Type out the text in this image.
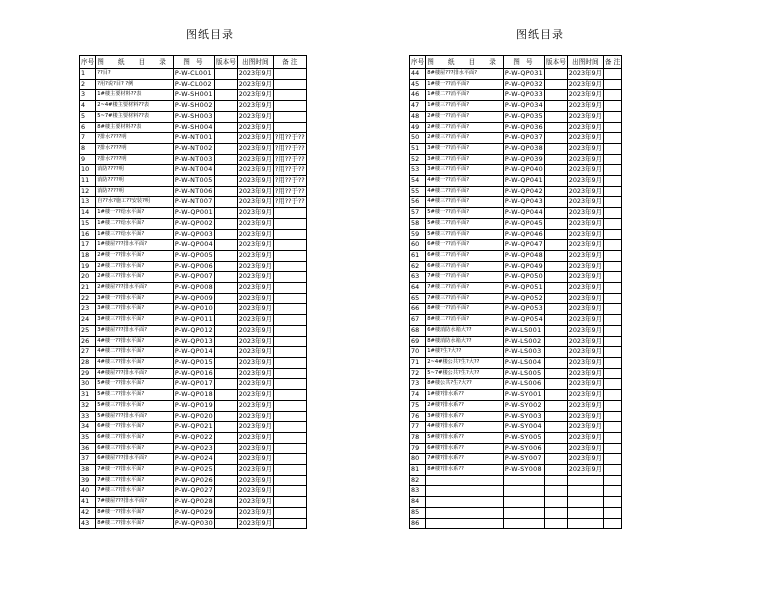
图纸目录
序号	图 纸 目 录	图 号	版本号	出图时间	备 注
1	??目?	P-W-CL001		2023年9月	
2	?用?说?目? ?例	P-W-CL002		2023年9月	
3	1#楼主要材料??表	P-W-SH001		2023年9月	
4	2~4#楼主要材料??表	P-W-SH002		2023年9月	
5	5~7#楼主要材料??表	P-W-SH003		2023年9月	
6	8#楼主要材料??表	P-W-SH004		2023年9月	
7	?排水????明	P-W-NT001		2023年9月	?用??于??
8	?排水????明	P-W-NT002		2023年9月	?用??于??
9	?排水????明	P-W-NT003		2023年9月	?用??于??
10	消防????明	P-W-NT004		2023年9月	?用??于??
11	消防????明	P-W-NT005		2023年9月	?用??于??
12	消防????明	P-W-NT006		2023年9月	?用??于??
13	自??水?施工??安装?明	P-W-NT007		2023年9月	?用??于??
14	1#楼一??给水平面?	P-W-QP001		2023年9月	
15	1#楼二??给水平面?	P-W-QP002		2023年9月	
16	1#楼三??给水平面?	P-W-QP003		2023年9月	
17	1#楼屋???排水平面?	P-W-QP004		2023年9月	
18	2#楼一??排水平面?	P-W-QP005		2023年9月	
19	2#楼二??排水平面?	P-W-QP006		2023年9月	
20	2#楼三??排水平面?	P-W-QP007		2023年9月	
21	2#楼屋???排水平面?	P-W-QP008		2023年9月	
22	3#楼一??排水平面?	P-W-QP009		2023年9月	
23	3#楼二??排水平面?	P-W-QP010		2023年9月	
24	3#楼三??排水平面?	P-W-QP011		2023年9月	
25	3#楼屋???排水平面?	P-W-QP012		2023年9月	
26	4#楼一??排水平面?	P-W-QP013		2023年9月	
27	4#楼二??排水平面?	P-W-QP014		2023年9月	
28	4#楼三??排水平面?	P-W-QP015		2023年9月	
29	4#楼屋???排水平面?	P-W-QP016		2023年9月	
30	5#楼一??排水平面?	P-W-QP017		2023年9月	
31	5#楼二??排水平面?	P-W-QP018		2023年9月	
32	5#楼三??排水平面?	P-W-QP019		2023年9月	
33	5#楼屋???排水平面?	P-W-QP020		2023年9月	
34	6#楼一??排水平面?	P-W-QP021		2023年9月	
35	6#楼二??排水平面?	P-W-QP022		2023年9月	
36	6#楼三??排水平面?	P-W-QP023		2023年9月	
37	6#楼屋???排水平面?	P-W-QP024		2023年9月	
38	7#楼一??排水平面?	P-W-QP025		2023年9月	
39	7#楼二??排水平面?	P-W-QP026		2023年9月	
40	7#楼三??排水平面?	P-W-QP027		2023年9月	
41	7#楼屋???排水平面?	P-W-QP028		2023年9月	
42	8#楼一??排水平面?	P-W-QP029		2023年9月	
43	8#楼二??排水平面?	P-W-QP030		2023年9月	
图纸目录
序号	图 纸 目 录	图 号	版本号	出图时间	备 注
44	8#楼屋???排水平面?	P-W-QP031		2023年9月	
45	1#楼一??消平面?	P-W-QP032		2023年9月	
46	1#楼二??消平面?	P-W-QP033		2023年9月	
47	1#楼三??消平面?	P-W-QP034		2023年9月	
48	2#楼一??消平面?	P-W-QP035		2023年9月	
49	2#楼二??消平面?	P-W-QP036		2023年9月	
50	2#楼三??消平面?	P-W-QP037		2023年9月	
51	3#楼一??消平面?	P-W-QP038		2023年9月	
52	3#楼二??消平面?	P-W-QP039		2023年9月	
53	3#楼三??消平面?	P-W-QP040		2023年9月	
54	4#楼一??消平面?	P-W-QP041		2023年9月	
55	4#楼二??消平面?	P-W-QP042		2023年9月	
56	4#楼三??消平面?	P-W-QP043		2023年9月	
57	5#楼一??消平面?	P-W-QP044		2023年9月	
58	5#楼二??消平面?	P-W-QP045		2023年9月	
59	5#楼三??消平面?	P-W-QP046		2023年9月	
60	6#楼一??消平面?	P-W-QP047		2023年9月	
61	6#楼二??消平面?	P-W-QP048		2023年9月	
62	6#楼三??消平面?	P-W-QP049		2023年9月	
63	7#楼一??消平面?	P-W-QP050		2023年9月	
64	7#楼二??消平面?	P-W-QP051		2023年9月	
65	7#楼三??消平面?	P-W-QP052		2023年9月	
66	8#楼一??消平面?	P-W-QP053		2023年9月	
67	8#楼二??消平面?	P-W-QP054		2023年9月	
68	6#楼消防水箱大??	P-W-LS001		2023年9月	
69	8#楼消防水箱大??	P-W-LS002		2023年9月	
70	1#楼?生?大??	P-W-LS003		2023年9月	
71	2~4#楼公共?生?大??	P-W-LS004		2023年9月	
72	5~7#楼公共?生?大??	P-W-LS005		2023年9月	
73	8#楼公共?生?大??	P-W-LS006		2023年9月	
74	1#楼?排水系??	P-W-SY001		2023年9月	
75	2#楼?排水系??	P-W-SY002		2023年9月	
76	3#楼?排水系??	P-W-SY003		2023年9月	
77	4#楼?排水系??	P-W-SY004		2023年9月	
78	5#楼?排水系??	P-W-SY005		2023年9月	
79	6#楼?排水系??	P-W-SY006		2023年9月	
80	7#楼?排水系??	P-W-SY007		2023年9月	
81	8#楼?排水系??	P-W-SY008		2023年9月	
82					
83					
84					
85					
86					
